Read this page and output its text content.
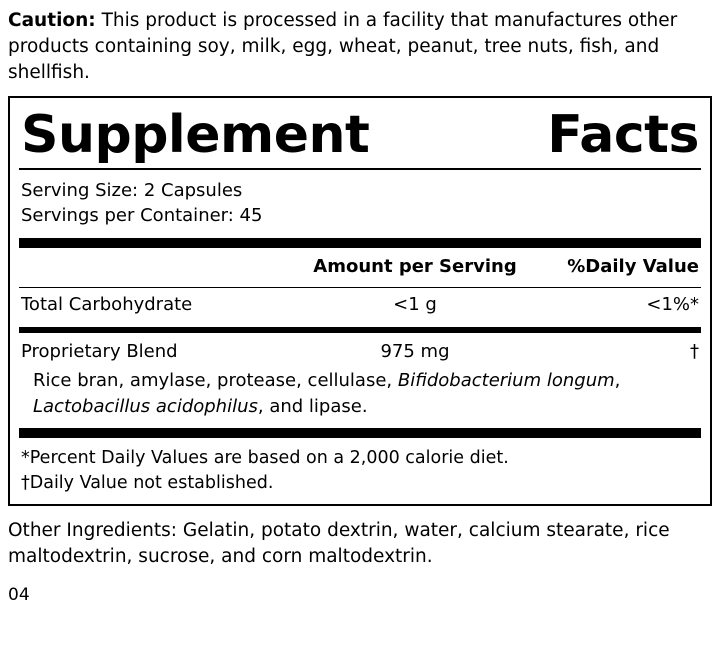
Caution: This product is processed in a facility that manufactures other products containing soy, milk, egg, wheat, peanut, tree nuts, fish, and shellfish.
Supplement	Facts
Serving Size: 2 Capsules
Servings per Container: 45
Amount per Serving	%Daily Value
Total Carbohydrate	<1 g	<1%*
Proprietary Blend	975 mg	†
Rice bran, amylase, protease, cellulase, Bifidobacterium longum, Lactobacillus acidophilus, and lipase.
*Percent Daily Values are based on a 2,000 calorie diet.
†Daily Value not established.
Other Ingredients: Gelatin, potato dextrin, water, calcium stearate, rice maltodextrin, sucrose, and corn maltodextrin.
04
